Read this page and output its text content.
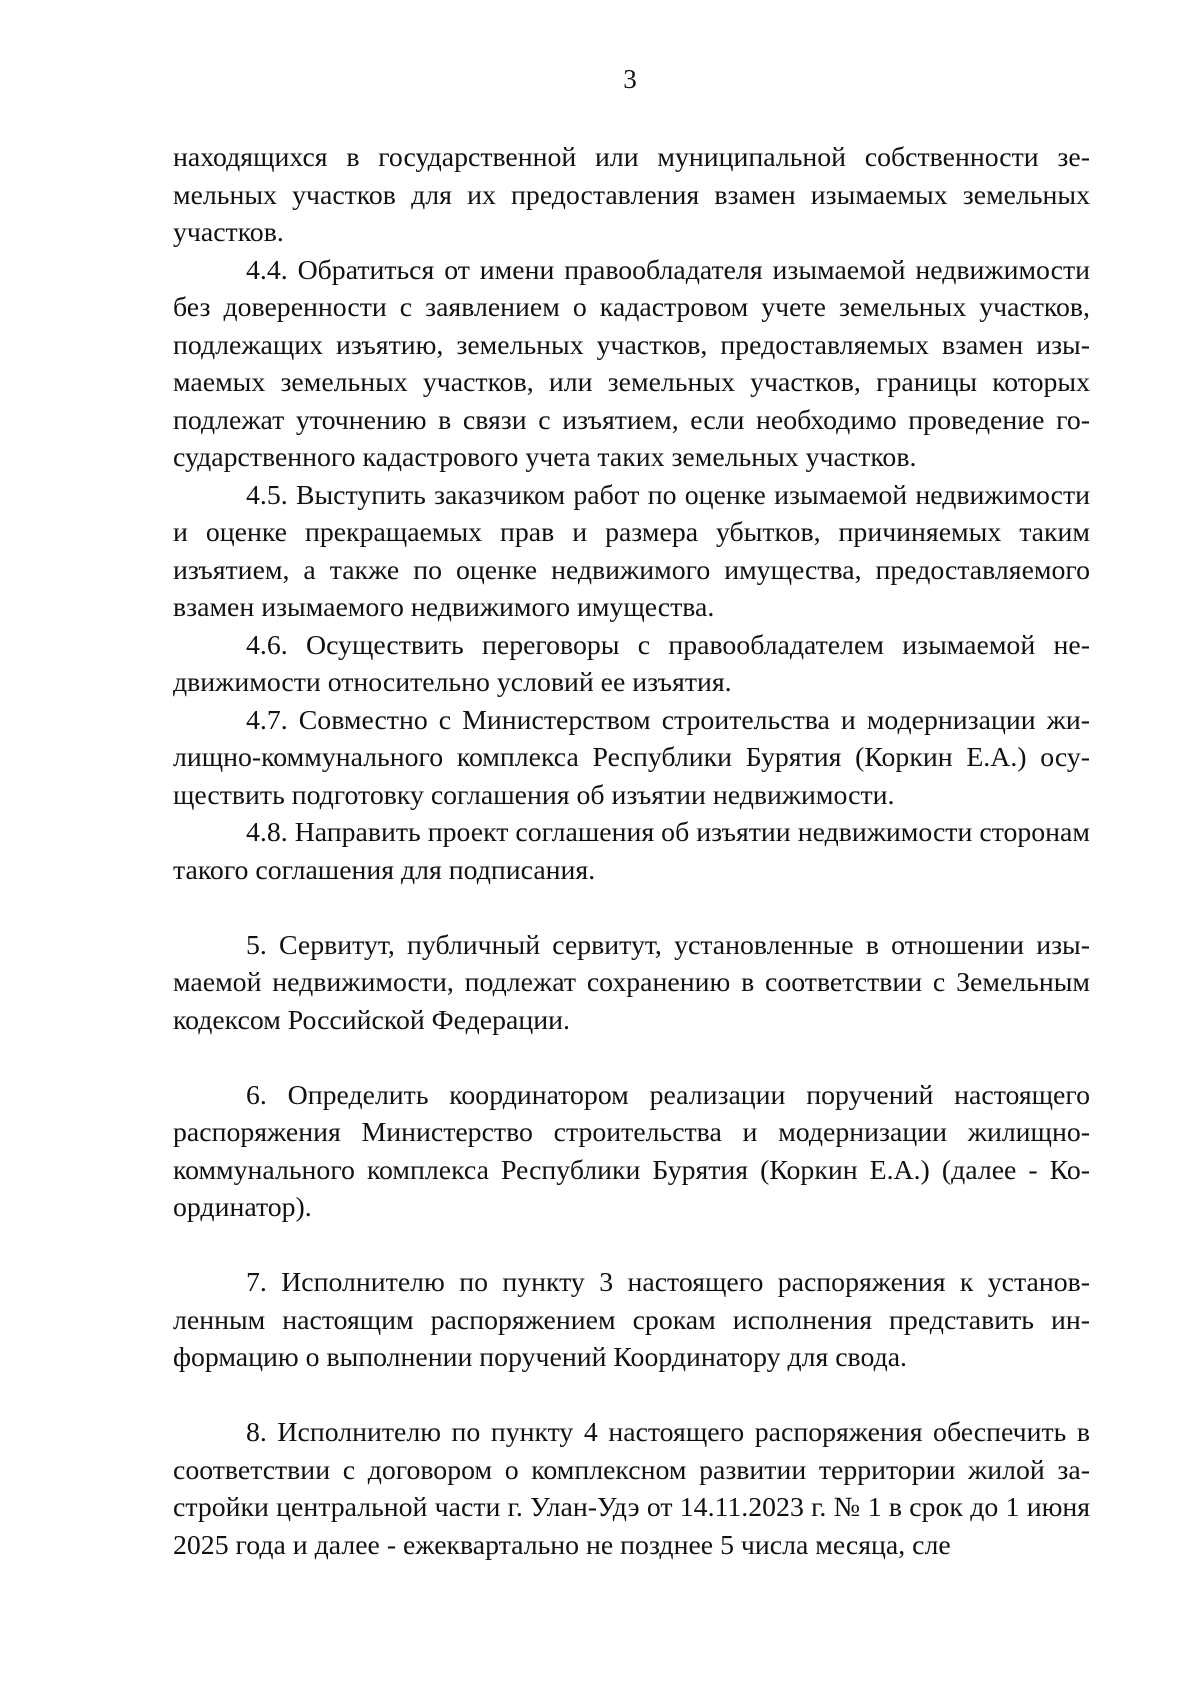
3

находящихся в государственной или муниципальной собственности земельных участков для их предоставления взамен изымаемых земельных участков.

4.4. Обратиться от имени правообладателя изымаемой недвижимости без доверенности с заявлением о кадастровом учете земельных участков, подлежащих изъятию, земельных участков, предоставляемых взамен изымаемых земельных участков, или земельных участков, границы которых подлежат уточнению в связи с изъятием, если необходимо проведение государственного кадастрового учета таких земельных участков.

4.5. Выступить заказчиком работ по оценке изымаемой недвижимости и оценке прекращаемых прав и размера убытков, причиняемых таким изъятием, а также по оценке недвижимого имущества, предоставляемого взамен изымаемого недвижимого имущества.

4.6. Осуществить переговоры с правообладателем изымаемой недвижимости относительно условий ее изъятия.

4.7. Совместно с Министерством строительства и модернизации жилищно-коммунального комплекса Республики Бурятия (Коркин Е.А.) осуществить подготовку соглашения об изъятии недвижимости.

4.8. Направить проект соглашения об изъятии недвижимости сторонам такого соглашения для подписания.

5. Сервитут, публичный сервитут, установленные в отношении изымаемой недвижимости, подлежат сохранению в соответствии с Земельным кодексом Российской Федерации.

6. Определить координатором реализации поручений настоящего распоряжения Министерство строительства и модернизации жилищно-коммунального комплекса Республики Бурятия (Коркин Е.А.) (далее - Координатор).

7. Исполнителю по пункту 3 настоящего распоряжения к установленным настоящим распоряжением срокам исполнения представить информацию о выполнении поручений Координатору для свода.

8. Исполнителю по пункту 4 настоящего распоряжения обеспечить в соответствии с договором о комплексном развитии территории жилой застройки центральной части г. Улан-Удэ от 14.11.2023 г. № 1 в срок до 1 июня 2025 года и далее - ежеквартально не позднее 5 числа месяца, сле
